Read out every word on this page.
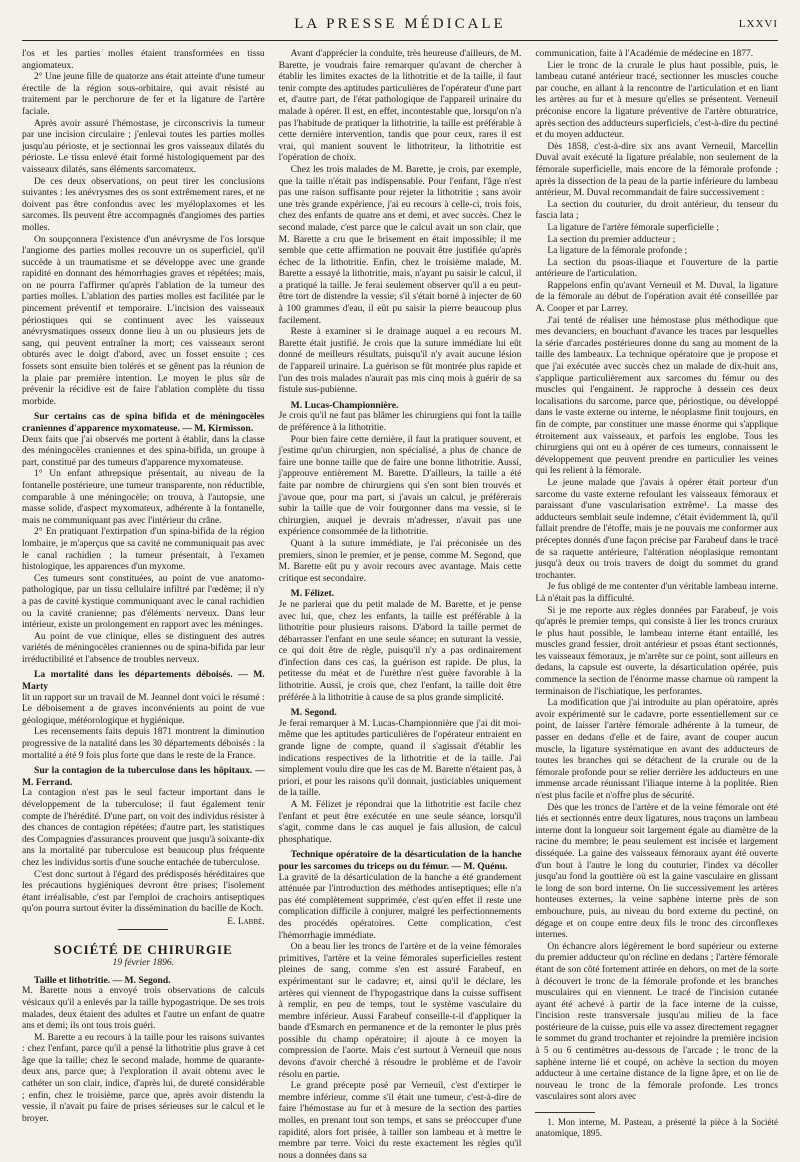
LA PRESSE MÉDICALE	LXXVI

l'os et les parties molles étaient transformées en tissu angiomateux.

2° Une jeune fille de quatorze ans était atteinte d'une tumeur érectile de la région sous-orbitaire, qui avait résisté au traitement par le perchorure de fer et la ligature de l'artère faciale.

Après avoir assuré l'hémostase, je circonscrivis la tumeur par une incision circulaire ; j'enlevai toutes les parties molles jusqu'au périoste, et je sectionnai les gros vaisseaux dilatés du périoste. Le tissu enlevé était formé histologiquement par des vaisseaux dilatés, sans éléments sarcomateux.

De ces deux observations, on peut tirer les conclusions suivantes : les anévrysmes des os sont extrêmement rares, et ne doivent pas être confondus avec les myéloplaxomes et les sarcomes. Ils peuvent être accompagnés d'angiomes des parties molles.

On soupçonnera l'existence d'un anévrysme de l'os lorsque l'angiome des parties molles recouvre un os superficiel, qu'il succède à un traumatisme et se développe avec une grande rapidité en donnant des hémorrhagies graves et répétées; mais, on ne pourra l'affirmer qu'après l'ablation de la tumeur des parties molles. L'ablation des parties molles est facilitée par le pincement préventif et temporaire. L'incision des vaisseaux périostiques qui se continuent avec les vaisseaux anévrysmatiques osseux donne lieu à un ou plusieurs jets de sang, qui peuvent entraîner la mort; ces vaisseaux seront obturés avec le doigt d'abord, avec un fosset ensuite ; ces fossets sont ensuite bien tolérés et se gênent pas la réunion de la plaie par première intention. Le moyen le plus sûr de prévenir la récidive est de faire l'ablation complète du tissu morbide.

Sur certains cas de spina bifida et de méningocèles craniennes d'apparence myxomateuse. — M. Kirmisson.

Deux faits que j'ai observés me portent à établir, dans la classe des méningocèles craniennes et des spina-bifida, un groupe à part, constitué par des tumeurs d'apparence myxomateuse.

1° Un enfant athrepsique présentait, au niveau de la fontanelle postérieure, une tumeur transparente, non réductible, comparable à une méningocèle; on trouva, à l'autopsie, une masse solide, d'aspect myxomateux, adhérente à la fontanelle, mais ne communiquant pas avec l'intérieur du crâne.

2° En pratiquant l'extirpation d'un spina-bifida de la région lombaire, je m'aperçus que sa cavité ne communiquait pas avec le canal rachidien ; la tumeur présentait, à l'examen histologique, les apparences d'un myxome.

Ces tumeurs sont constituées, au point de vue anatomo-pathologique, par un tissu cellulaire infiltré par l'œdème; il n'y a pas de cavité kystique communiquant avec le canal rachidien ou la cavité cranienne; pas d'éléments nerveux. Dans leur intérieur, existe un prolongement en rapport avec les méninges.

Au point de vue clinique, elles se distinguent des autres variétés de méningocèles craniennes ou de spina-bifida par leur irréductibilité et l'absence de troubles nerveux.

La mortalité dans les départements déboisés. — M. Marty

lit un rapport sur un travail de M. Jeannel dont voici le résumé : Le déboisement a de graves inconvénients au point de vue géologique, météorologique et hygiénique.

Les recensements faits depuis 1871 montrent la diminution progressive de la natalité dans les 30 départements déboisés : la mortalité a été 9 fois plus forte que dans le reste de la France.

Sur la contagion de la tuberculose dans les hôpitaux. — M. Ferrand.

La contagion n'est pas le seul facteur important dans le développement de la tuberculose; il faut également tenir compte de l'hérédité. D'une part, on voit des individus résister à des chances de contagion répétées; d'autre part, les statistiques des Compagnies d'assurances prouvent que jusqu'à soixante-dix ans la mortalité par tuberculose est beaucoup plus fréquente chez les individus sortis d'une souche entachée de tuberculose.

C'est donc surtout à l'égard des prédisposés héréditaires que les précautions hygiéniques devront être prises; l'isolement étant irréalisable, c'est par l'emploi de crachoirs antiseptiques qu'on pourra surtout éviter la dissémination du bacille de Koch.

E. Labbé.
SOCIÉTÉ DE CHIRURGIE
19 février 1896.
Taille et lithotritie. — M. Segond.

M. Barette nous a envoyé trois observations de calculs vésicaux qu'il a enlevés par la taille hypogastrique. De ses trois malades, deux étaient des adultes et l'autre un enfant de quatre ans et demi; ils ont tous trois guéri.

M. Barette a eu recours à la taille pour les raisons suivantes : chez l'enfant, parce qu'il a pensé la lithotritie plus grave à cet âge que la taille; chez le second malade, homme de quarante-deux ans, parce que; à l'exploration il avait obtenu avec le cathéter un son clair, indice, d'après lui, de dureté considérable ; enfin, chez le troisième, parce que, après avoir distendu la vessie, il n'avait pu faire de prises sérieuses sur le calcul et le broyer.

Avant d'apprécier la conduite, très heureuse d'ailleurs, de M. Barette, je voudrais faire remarquer qu'avant de chercher à établir les limites exactes de la lithotritie et de la taille, il faut tenir compte des aptitudes particulières de l'opérateur d'une part et, d'autre part, de l'état pathologique de l'appareil urinaire du malade à opérer. Il est, en effet, incontestable que, lorsqu'on n'a pas l'habitude de pratiquer la lithotritie, la taille est préférable à cette dernière intervention, tandis que pour ceux, rares il est vrai, qui manient souvent le lithotriteur, la lithotritie est l'opération de choix.

Chez les trois malades de M. Barette, je crois, par exemple, que la taille n'était pas indispensable. Pour l'enfant, l'âge n'est pas une raison suffisante pour rejeter la lithotritie ; sans avoir une très grande expérience, j'ai eu recours à celle-ci, trois fois, chez des enfants de quatre ans et demi, et avec succès. Chez le second malade, c'est parce que le calcul avait un son clair, que M. Barette a cru que le brisement en était impossible; il me semble que cette affirmation ne pouvait être justifiée qu'après échec de la lithotritie. Enfin, chez le troisième malade, M. Barette a essayé la lithotritie, mais, n'ayant pu saisir le calcul, il a pratiqué la taille. Je ferai seulement observer qu'il a eu peut-être tort de distendre la vessie; s'il s'était borné à injecter de 60 à 100 grammes d'eau, il eût pu saisir la pierre beaucoup plus facilement.

Reste à examiner si le drainage auquel a eu recours M. Barette était justifié. Je crois que la suture immédiate lui eût donné de meilleurs résultats, puisqu'il n'y avait aucune lésion de l'appareil urinaire. La guérison se fût montrée plus rapide et l'un des trois malades n'aurait pas mis cinq mois à guérir de sa fistule sus-pubienne.

M. Lucas-Championnière.

Je crois qu'il ne faut pas blâmer les chirurgiens qui font la taille de préférence à la lithotritie.

Pour bien faire cette dernière, il faut la pratiquer souvent, et j'estime qu'un chirurgien, non spécialisé, a plus de chance de faire une bonne taille que de faire une bonne lithotritie. Aussi, j'approuve entièrement M. Barette. D'ailleurs, la taille a été faite par nombre de chirurgiens qui s'en sont bien trouvés et j'avoue que, pour ma part, si j'avais un calcul, je préférerais subir la taille que de voir fourgonner dans ma vessie, si le chirurgien, auquel je devrais m'adresser, n'avait pas une expérience consommée de la lithotritie.

Quant à la suture immédiate, je l'ai préconisée un des premiers, sinon le premier, et je pense, comme M. Segond, que M. Barette eût pu y avoir recours avec avantage. Mais cette critique est secondaire.

M. Félizet.

Je ne parlerai que du petit malade de M. Barette, et je pense avec lui, que, chez les enfants, la taille est préférable à la lithotritie pour plusieurs raisons. D'abord la taille permet de débarrasser l'enfant en une seule séance; en suturant la vessie, ce qui doit être de règle, puisqu'il n'y a pas ordinairement d'infection dans ces cas, la guérison est rapide. De plus, la petitesse du méat et de l'urèthre n'est guère favorable à la lithotritie. Aussi, je crois que, chez l'enfant, la taille doit être préférée à la lithotritie à cause de sa plus grande simplicité.

M. Segond.

Je ferai remarquer à M. Lucas-Championnière que j'ai dit moi-même que les aptitudes particulières de l'opérateur entraient en grande ligne de compte, quand il s'agissait d'établir les indications respectives de la lithotritie et de la taille. J'ai simplement voulu dire que les cas de M. Barette n'étaient pas, à priori, et pour les raisons qu'il donnait, justiciables uniquement de la taille.

A M. Félizet je répondrai que la lithotritie est facile chez l'enfant et peut être exécutée en une seule séance, lorsqu'il s'agit, comme dans le cas auquel je fais allusion, de calcul phosphatique.

Technique opératoire de la désarticulation de la hanche pour les sarcomes du triceps ou du fémur. — M. Quénu.

La gravité de la désarticulation de la hanche a été grandement atténuée par l'introduction des méthodes antiseptiques; elle n'a pas été complètement supprimée, c'est qu'en effet il reste une complication difficile à conjurer, malgré les perfectionnements des procédés opératoires. Cette complication, c'est l'hémorrhagie immédiate.

On a beau lier les troncs de l'artère et de la veine fémorales primitives, l'artère et la veine fémorales superficielles restent pleines de sang, comme s'en est assuré Farabeuf, en expérimentant sur le cadavre; et, ainsi qu'il le déclare, les artères qui viennent de l'hypogastrique dans la cuisse suffisent à remplir, en peu de temps, tout le système vasculaire du membre inférieur. Aussi Farabeuf conseille-t-il d'appliquer la bande d'Esmarch en permanence et de la remonter le plus près possible du champ opératoire; il ajoute à ce moyen la compression de l'aorte. Mais c'est surtout à Verneuil que nous devons d'avoir cherché à résoudre le problème et de l'avoir résolu en partie.

Le grand précepte posé par Verneuil, c'est d'extirper le membre inférieur, comme s'il était une tumeur, c'est-à-dire de faire l'hémostase au fur et à mesure de la section des parties molles, en prenant tout son temps, et sans se préoccuper d'une rapidité, alors fort prisée, à tailler son lambeau et à mettre le membre par terre. Voici du reste exactement les règles qu'il nous a données dans sa

communication, faite à l'Académie de médecine en 1877.

Lier le tronc de la crurale le plus haut possible, puis, le lambeau cutané antérieur tracé, sectionner les muscles couche par couche, en allant à la rencontre de l'articulation et en liant les artères au fur et à mesure qu'elles se présentent. Verneuil préconise encore la ligature préventive de l'artère obturatrice, après section des adducteurs superficiels, c'est-à-dire du pectiné et du moyen adducteur.

Dès 1858, c'est-à-dire six ans avant Verneuil, Marcellin Duval avait exécuté la ligature préalable, non seulement de la fémorale superficielle, mais encore de la fémorale profonde ; après la dissection de la peau de la partie inférieure du lambeau antérieur, M. Duval recommandait de faire successivement :

La section du couturier, du droit antérieur, du tenseur du fascia lata ;

La ligature de l'artère fémorale superficielle ;

La section du premier adducteur ;

La ligature de la fémorale profonde ;

La section du psoas-iliaque et l'ouverture de la partie antérieure de l'articulation.

Rappelons enfin qu'avant Verneuil et M. Duval, la ligature de la fémorale au début de l'opération avait été conseillée par A. Cooper et par Larrey.

J'ai tenté de réaliser une hémostase plus méthodique que mes devanciers, en bouchant d'avance les traces par lesquelles la série d'arcades postérieures donne du sang au moment de la taille des lambeaux. La technique opératoire que je propose et que j'ai exécutée avec succès chez un malade de dix-huit ans, s'applique particulièrement aux sarcomes du fémur ou des muscles qui l'engainent. Je rapproche à dessein ces deux localisations du sarcome, parce que, périostique, ou développé dans le vaste externe ou interne, le néoplasme finit toujours, en fin de compte, par constituer une masse énorme qui s'applique étroitement aux vaisseaux, et parfois les englobe. Tous les chirurgiens qui ont eu à opérer de ces tumeurs, connaissent le développement que peuvent prendre en particulier les veines qui les relient à la fémorale.

Le jeune malade que j'avais à opérer était porteur d'un sarcome du vaste externe refoulant les vaisseaux fémoraux et paraissant d'une vascularisation extrême¹. La masse des adducteurs semblait seule indemne, c'était évidemment là, qu'il fallait prendre de l'étoffe, mais je ne pouvais me conformer aux préceptes donnés d'une façon précise par Farabeuf dans le tracé de sa raquette antérieure, l'altération néoplasique remontant jusqu'à deux ou trois travers de doigt du sommet du grand trochanter.

Je fus obligé de me contenter d'un véritable lambeau interne. Là n'était pas la difficulté.

Si je me reporte aux règles données par Farabeuf, je vois qu'après le premier temps, qui consiste à lier les troncs cruraux le plus haut possible, le lambeau interne étant entaillé, les muscles grand fessier, droit antérieur et psoas étant sectionnés, les vaisseaux fémoraux, je m'arrête sur ce point, sont ailleurs en dedans, la capsule est ouverte, la désarticulation opérée, puis commence la section de l'énorme masse charnue où rampent la terminaison de l'ischiatique, les perforantes.

La modification que j'ai introduite au plan opératoire, après avoir expérimenté sur le cadavre, porte essentiellement sur ce point, de laisser l'artère fémorale adhérente à la tumeur, de passer en dedans d'elle et de faire, avant de couper aucun muscle, la ligature systématique en avant des adducteurs de toutes les branches qui se détachent de la crurale ou de la fémorale profonde pour se relier derrière les adducteurs en une immense arcade réunissant l'iliaque interne à la poplitée. Rien n'est plus facile et n'offre plus de sécurité.

Dès que les troncs de l'artère et de la veine fémorale ont été liés et sectionnés entre deux ligatures, nous traçons un lambeau interne dont la longueur soit largement égale au diamètre de la racine du membre; le peau seulement est incisée et largement disséquée. La gaine des vaisseaux fémoraux ayant été ouverte d'un bout à l'autre le long du couturier, l'index va décoller jusqu'au fond la gouttière où est la gaine vasculaire en glissant le long de son bord interne. On lie successivement les artères honteuses externes, la veine saphène interne près de son embouchure, puis, au niveau du bord externe du pectiné, on dégage et on coupe entre deux fils le tronc des circonflexes internes.

On échancre alors légèrement le bord supérieur ou externe du premier adducteur qu'on récline en dedans ; l'artère fémorale étant de son côté fortement attirée en dehors, on met de la sorte à découvert le tronc de la fémorale profonde et les branches musculaires qui en viennent. Le tracé de l'incision cutanée ayant été achevé à partir de la face interne de la cuisse, l'incision reste transversale jusqu'au milieu de la face postérieure de la cuisse, puis elle va assez directement regagner le sommet du grand trochanter et rejoindre la première incision à 5 ou 6 centimètres au-dessous de l'arcade ; le tronc de la saphène interne lié et coupé, on achève la section du moyen adducteur à une certaine distance de la ligne âpre, et on lie de nouveau le tronc de la fémorale profonde. Les troncs vasculaires sont alors avec

1. Mon interne, M. Pasteau, a présenté la pièce à la Société anatomique, 1895.
